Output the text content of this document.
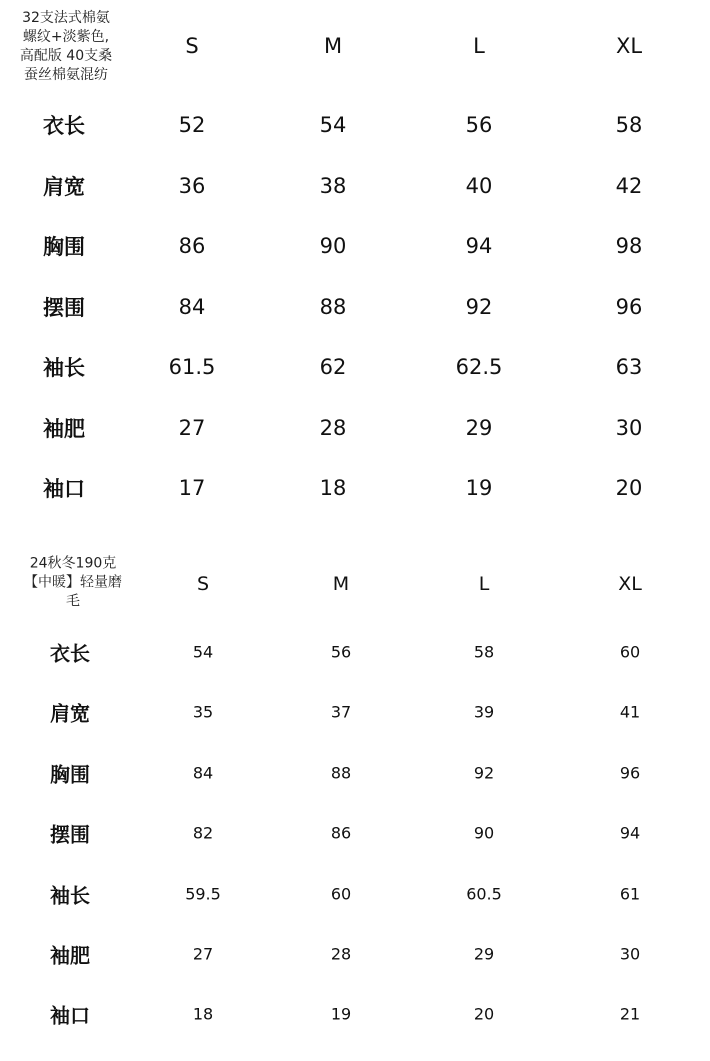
32支法式棉氨
螺纹+淡紫色,
高配版 40支桑
蚕丝棉氨混纺
S	M	L	XL
衣长	52	54	56	58
肩宽	36	38	40	42
胸围	86	90	94	98
摆围	84	88	92	96
袖长	61.5	62	62.5	63
袖肥	27	28	29	30
袖口	17	18	19	20
24秋冬190克
【中暖】轻量磨
毛
S	M	L	XL
衣长	54	56	58	60
肩宽	35	37	39	41
胸围	84	88	92	96
摆围	82	86	90	94
袖长	59.5	60	60.5	61
袖肥	27	28	29	30
袖口	18	19	20	21
